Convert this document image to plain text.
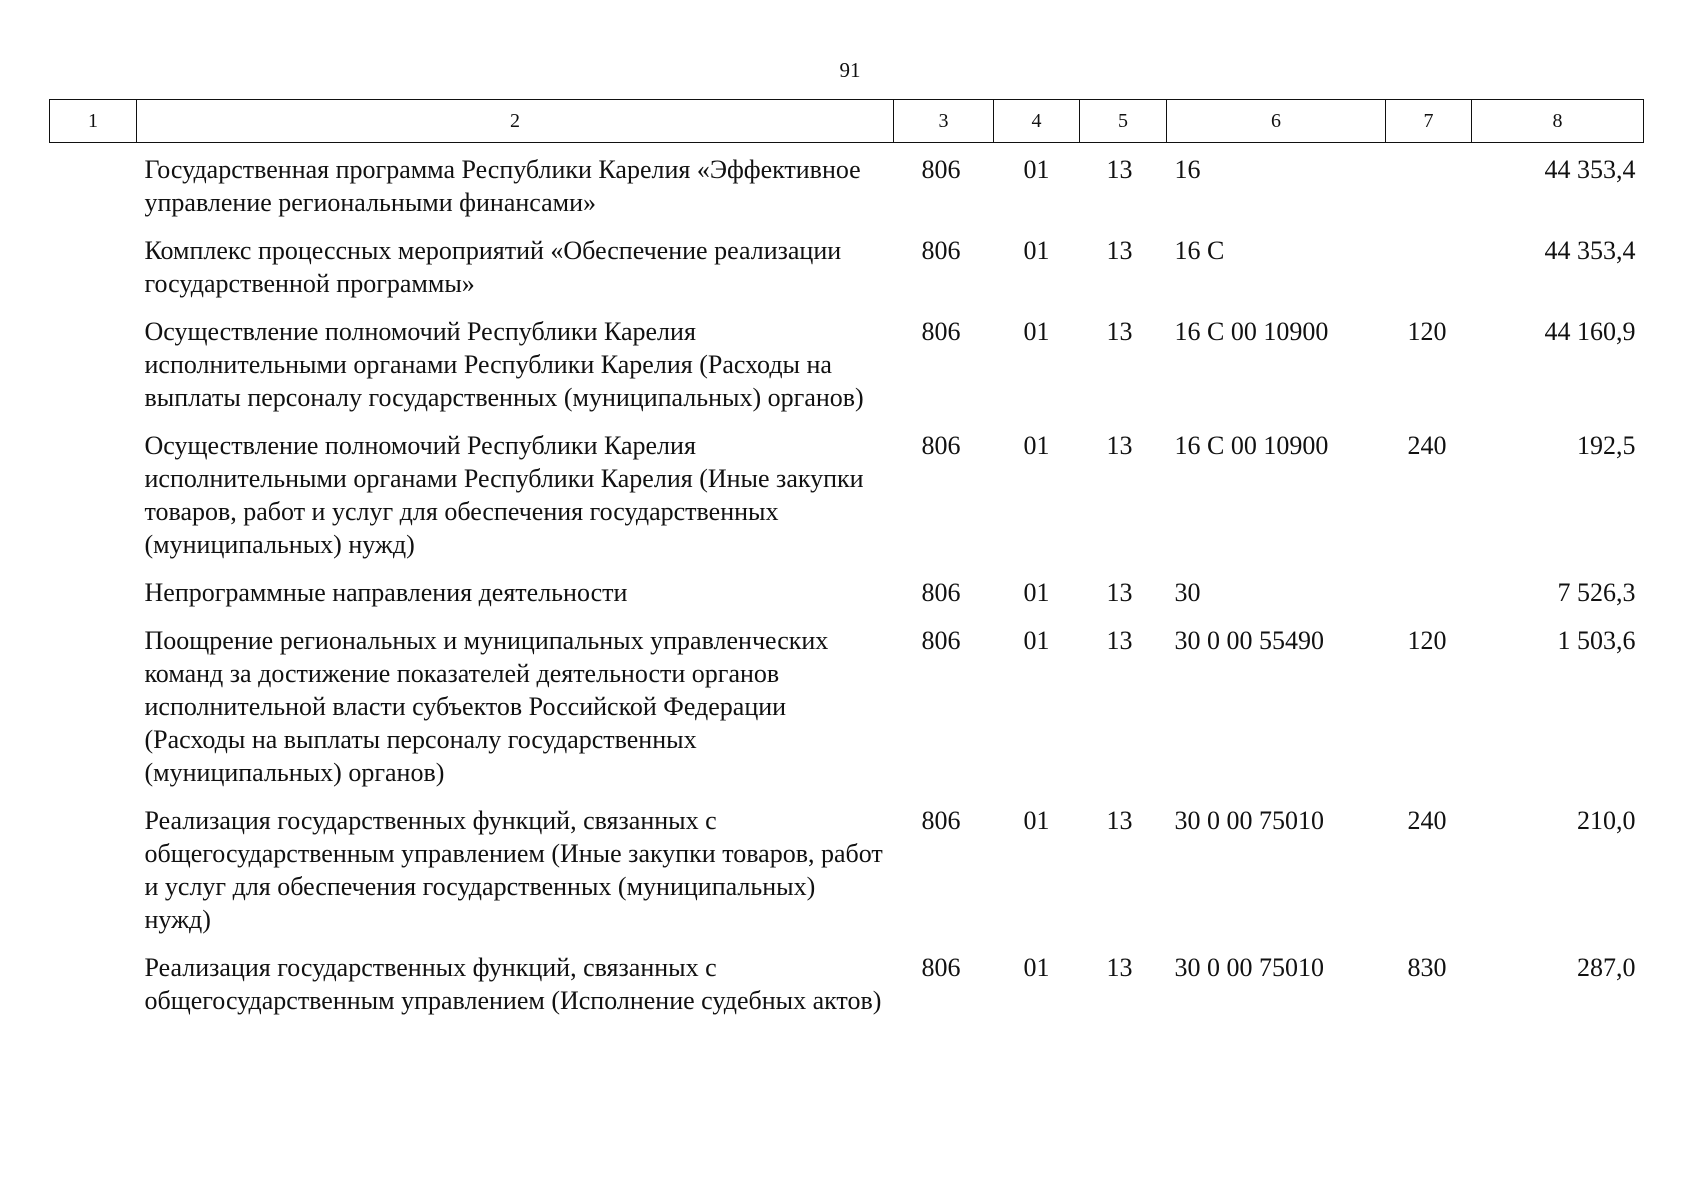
91
1	2	3	4	5	6	7	8
	Государственная программа Республики Карелия «Эффективное управление региональными финансами»	806	01	13	16		44 353,4
	Комплекс процессных мероприятий «Обеспечение реализации государственной программы»	806	01	13	16 С		44 353,4
	Осуществление полномочий Республики Карелия исполнительными органами Республики Карелия (Расходы на выплаты персоналу государственных (муниципальных) органов)	806	01	13	16 С 00 10900	120	44 160,9
	Осуществление полномочий Республики Карелия исполнительными органами Республики Карелия (Иные закупки товаров, работ и услуг для обеспечения государственных (муниципальных) нужд)	806	01	13	16 С 00 10900	240	192,5
	Непрограммные направления деятельности	806	01	13	30		7 526,3
	Поощрение региональных и муниципальных управленческих команд за достижение показателей деятельности органов исполнительной власти субъектов Российской Федерации (Расходы на выплаты персоналу государственных (муниципальных) органов)	806	01	13	30 0 00 55490	120	1 503,6
	Реализация государственных функций, связанных с общегосударственным управлением (Иные закупки товаров, работ и услуг для обеспечения государственных (муниципальных) нужд)	806	01	13	30 0 00 75010	240	210,0
	Реализация государственных функций, связанных с общегосударственным управлением (Исполнение судебных актов)	806	01	13	30 0 00 75010	830	287,0
